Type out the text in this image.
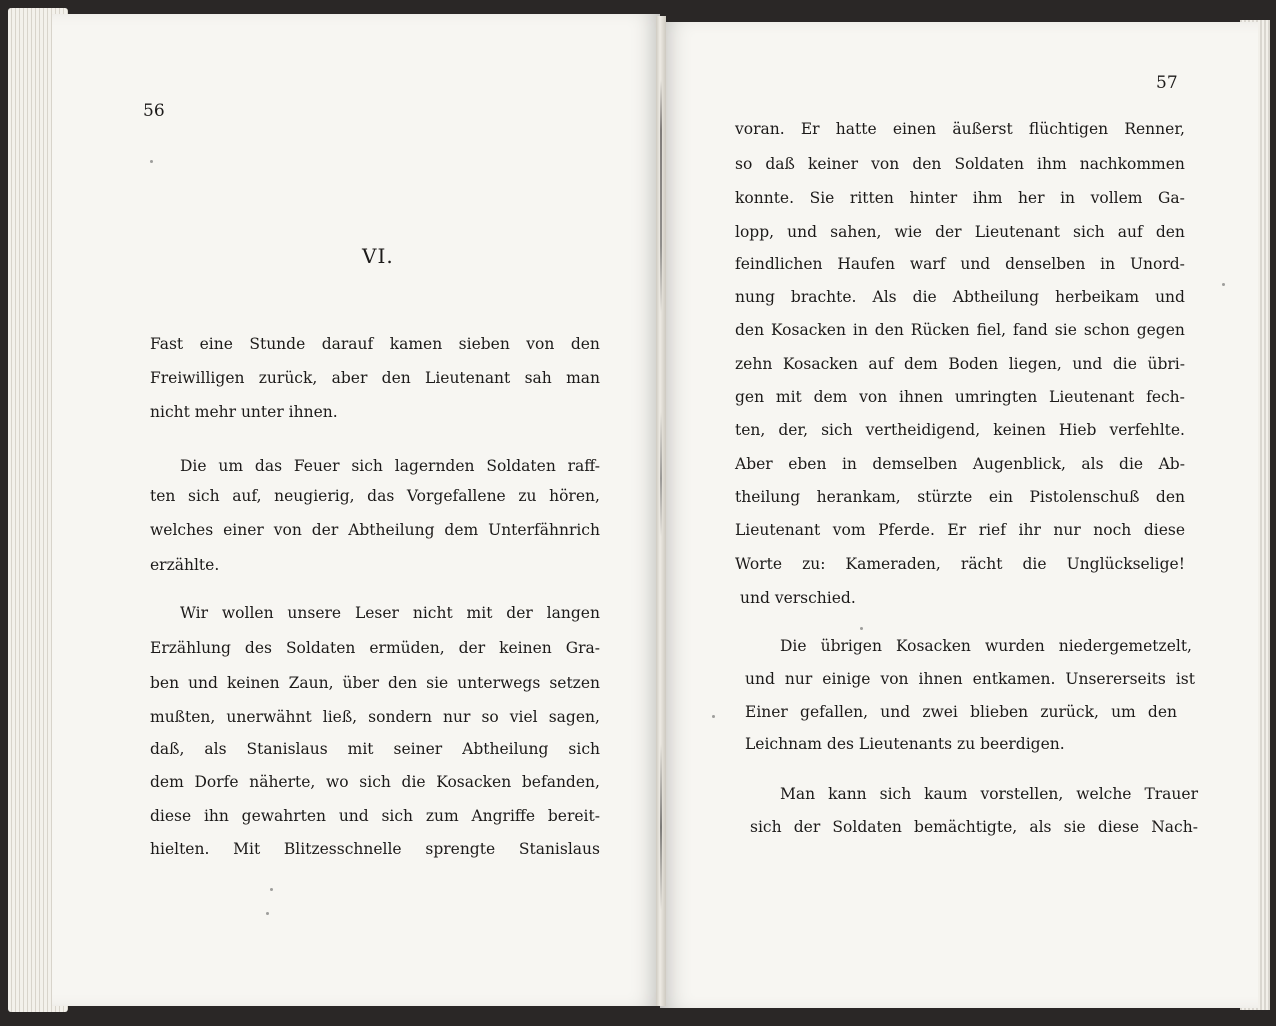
56
57
VI.
Fast eine Stunde darauf kamen sieben von den
Freiwilligen zurück, aber den Lieutenant sah man
nicht mehr unter ihnen.
Die um das Feuer sich lagernden Soldaten raff-
ten sich auf, neugierig, das Vorgefallene zu hören,
welches einer von der Abtheilung dem Unterfähnrich
erzählte.
Wir wollen unsere Leser nicht mit der langen
Erzählung des Soldaten ermüden, der keinen Gra-
ben und keinen Zaun, über den sie unterwegs setzen
mußten, unerwähnt ließ, sondern nur so viel sagen,
daß, als Stanislaus mit seiner Abtheilung sich
dem Dorfe näherte, wo sich die Kosacken befanden,
diese ihn gewahrten und sich zum Angriffe bereit-
hielten. Mit Blitzesschnelle sprengte Stanislaus
voran. Er hatte einen äußerst flüchtigen Renner,
so daß keiner von den Soldaten ihm nachkommen
konnte. Sie ritten hinter ihm her in vollem Ga-
lopp, und sahen, wie der Lieutenant sich auf den
feindlichen Haufen warf und denselben in Unord-
nung brachte. Als die Abtheilung herbeikam und
den Kosacken in den Rücken fiel, fand sie schon gegen
zehn Kosacken auf dem Boden liegen, und die übri-
gen mit dem von ihnen umringten Lieutenant fech-
ten, der, sich vertheidigend, keinen Hieb verfehlte.
Aber eben in demselben Augenblick, als die Ab-
theilung herankam, stürzte ein Pistolenschuß den
Lieutenant vom Pferde. Er rief ihr nur noch diese
Worte zu: Kameraden, rächt die Unglückselige!
und verschied.
Die übrigen Kosacken wurden niedergemetzelt,
und nur einige von ihnen entkamen. Unsererseits ist
Einer gefallen, und zwei blieben zurück, um den
Leichnam des Lieutenants zu beerdigen.
Man kann sich kaum vorstellen, welche Trauer
sich der Soldaten bemächtigte, als sie diese Nach-
